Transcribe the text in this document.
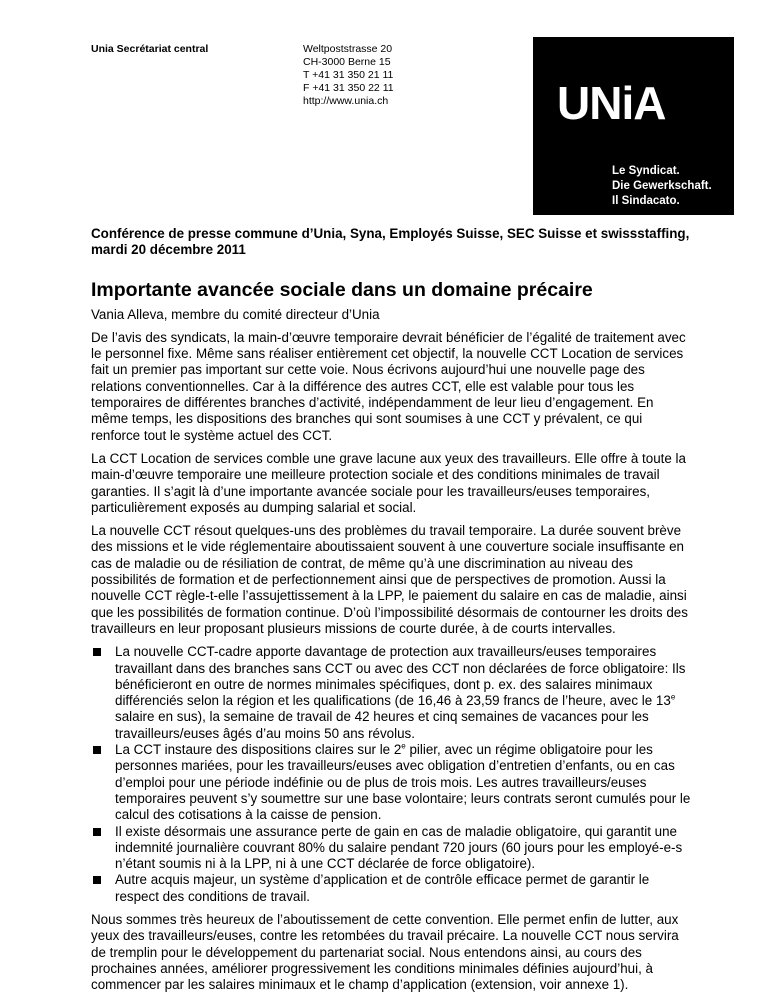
Unia Secrétariat central	Weltpoststrasse 20
CH-3000 Berne 15
T +41 31 350 21 11
F +41 31 350 22 11
http://www.unia.ch	UNiA
Le Syndicat.
Die Gewerkschaft.
Il Sindacato.
Conférence de presse commune d’Unia, Syna, Employés Suisse, SEC Suisse et swissstaffing, mardi 20 décembre 2011
Importante avancée sociale dans un domaine précaire
Vania Alleva, membre du comité directeur d’Unia

De l’avis des syndicats, la main-d’œuvre temporaire devrait bénéficier de l’égalité de traitement avec le personnel fixe. Même sans réaliser entièrement cet objectif, la nouvelle CCT Location de services fait un premier pas important sur cette voie. Nous écrivons aujourd’hui une nouvelle page des relations conventionnelles. Car à la différence des autres CCT, elle est valable pour tous les temporaires de différentes branches d’activité, indépendamment de leur lieu d’engagement. En même temps, les dispositions des branches qui sont soumises à une CCT y prévalent, ce qui renforce tout le système actuel des CCT.

La CCT Location de services comble une grave lacune aux yeux des travailleurs. Elle offre à toute la main-d’œuvre temporaire une meilleure protection sociale et des conditions minimales de travail garanties. Il s’agit là d’une importante avancée sociale pour les travailleurs/euses temporaires, particulièrement exposés au dumping salarial et social.

La nouvelle CCT résout quelques-uns des problèmes du travail temporaire. La durée souvent brève des missions et le vide réglementaire aboutissaient souvent à une couverture sociale insuffisante en cas de maladie ou de résiliation de contrat, de même qu’à une discrimination au niveau des possibilités de formation et de perfectionnement ainsi que de perspectives de promotion. Aussi la nouvelle CCT règle-t-elle l’assujettissement à la LPP, le paiement du salaire en cas de maladie, ainsi que les possibilités de formation continue. D’où l’impossibilité désormais de contourner les droits des travailleurs en leur proposant plusieurs missions de courte durée, à de courts intervalles.

La nouvelle CCT-cadre apporte davantage de protection aux travailleurs/euses temporaires travaillant dans des branches sans CCT ou avec des CCT non déclarées de force obligatoire: Ils bénéficieront en outre de normes minimales spécifiques, dont p. ex. des salaires minimaux différenciés selon la région et les qualifications (de 16,46 à 23,59 francs de l’heure, avec le 13e salaire en sus), la semaine de travail de 42 heures et cinq semaines de vacances pour les travailleurs/euses âgés d’au moins 50 ans révolus.
La CCT instaure des dispositions claires sur le 2e pilier, avec un régime obligatoire pour les personnes mariées, pour les travailleurs/euses avec obligation d’entretien d’enfants, ou en cas d’emploi pour une période indéfinie ou de plus de trois mois. Les autres travailleurs/euses temporaires peuvent s’y soumettre sur une base volontaire; leurs contrats seront cumulés pour le calcul des cotisations à la caisse de pension.
Il existe désormais une assurance perte de gain en cas de maladie obligatoire, qui garantit une indemnité journalière couvrant 80% du salaire pendant 720 jours (60 jours pour les employé-e-s n’étant soumis ni à la LPP, ni à une CCT déclarée de force obligatoire).
Autre acquis majeur, un système d’application et de contrôle efficace permet de garantir le respect des conditions de travail.

Nous sommes très heureux de l’aboutissement de cette convention. Elle permet enfin de lutter, aux yeux des travailleurs/euses, contre les retombées du travail précaire. La nouvelle CCT nous servira de tremplin pour le développement du partenariat social. Nous entendons ainsi, au cours des prochaines années, améliorer progressivement les conditions minimales définies aujourd’hui, à commencer par les salaires minimaux et le champ d’application (extension, voir annexe 1).
